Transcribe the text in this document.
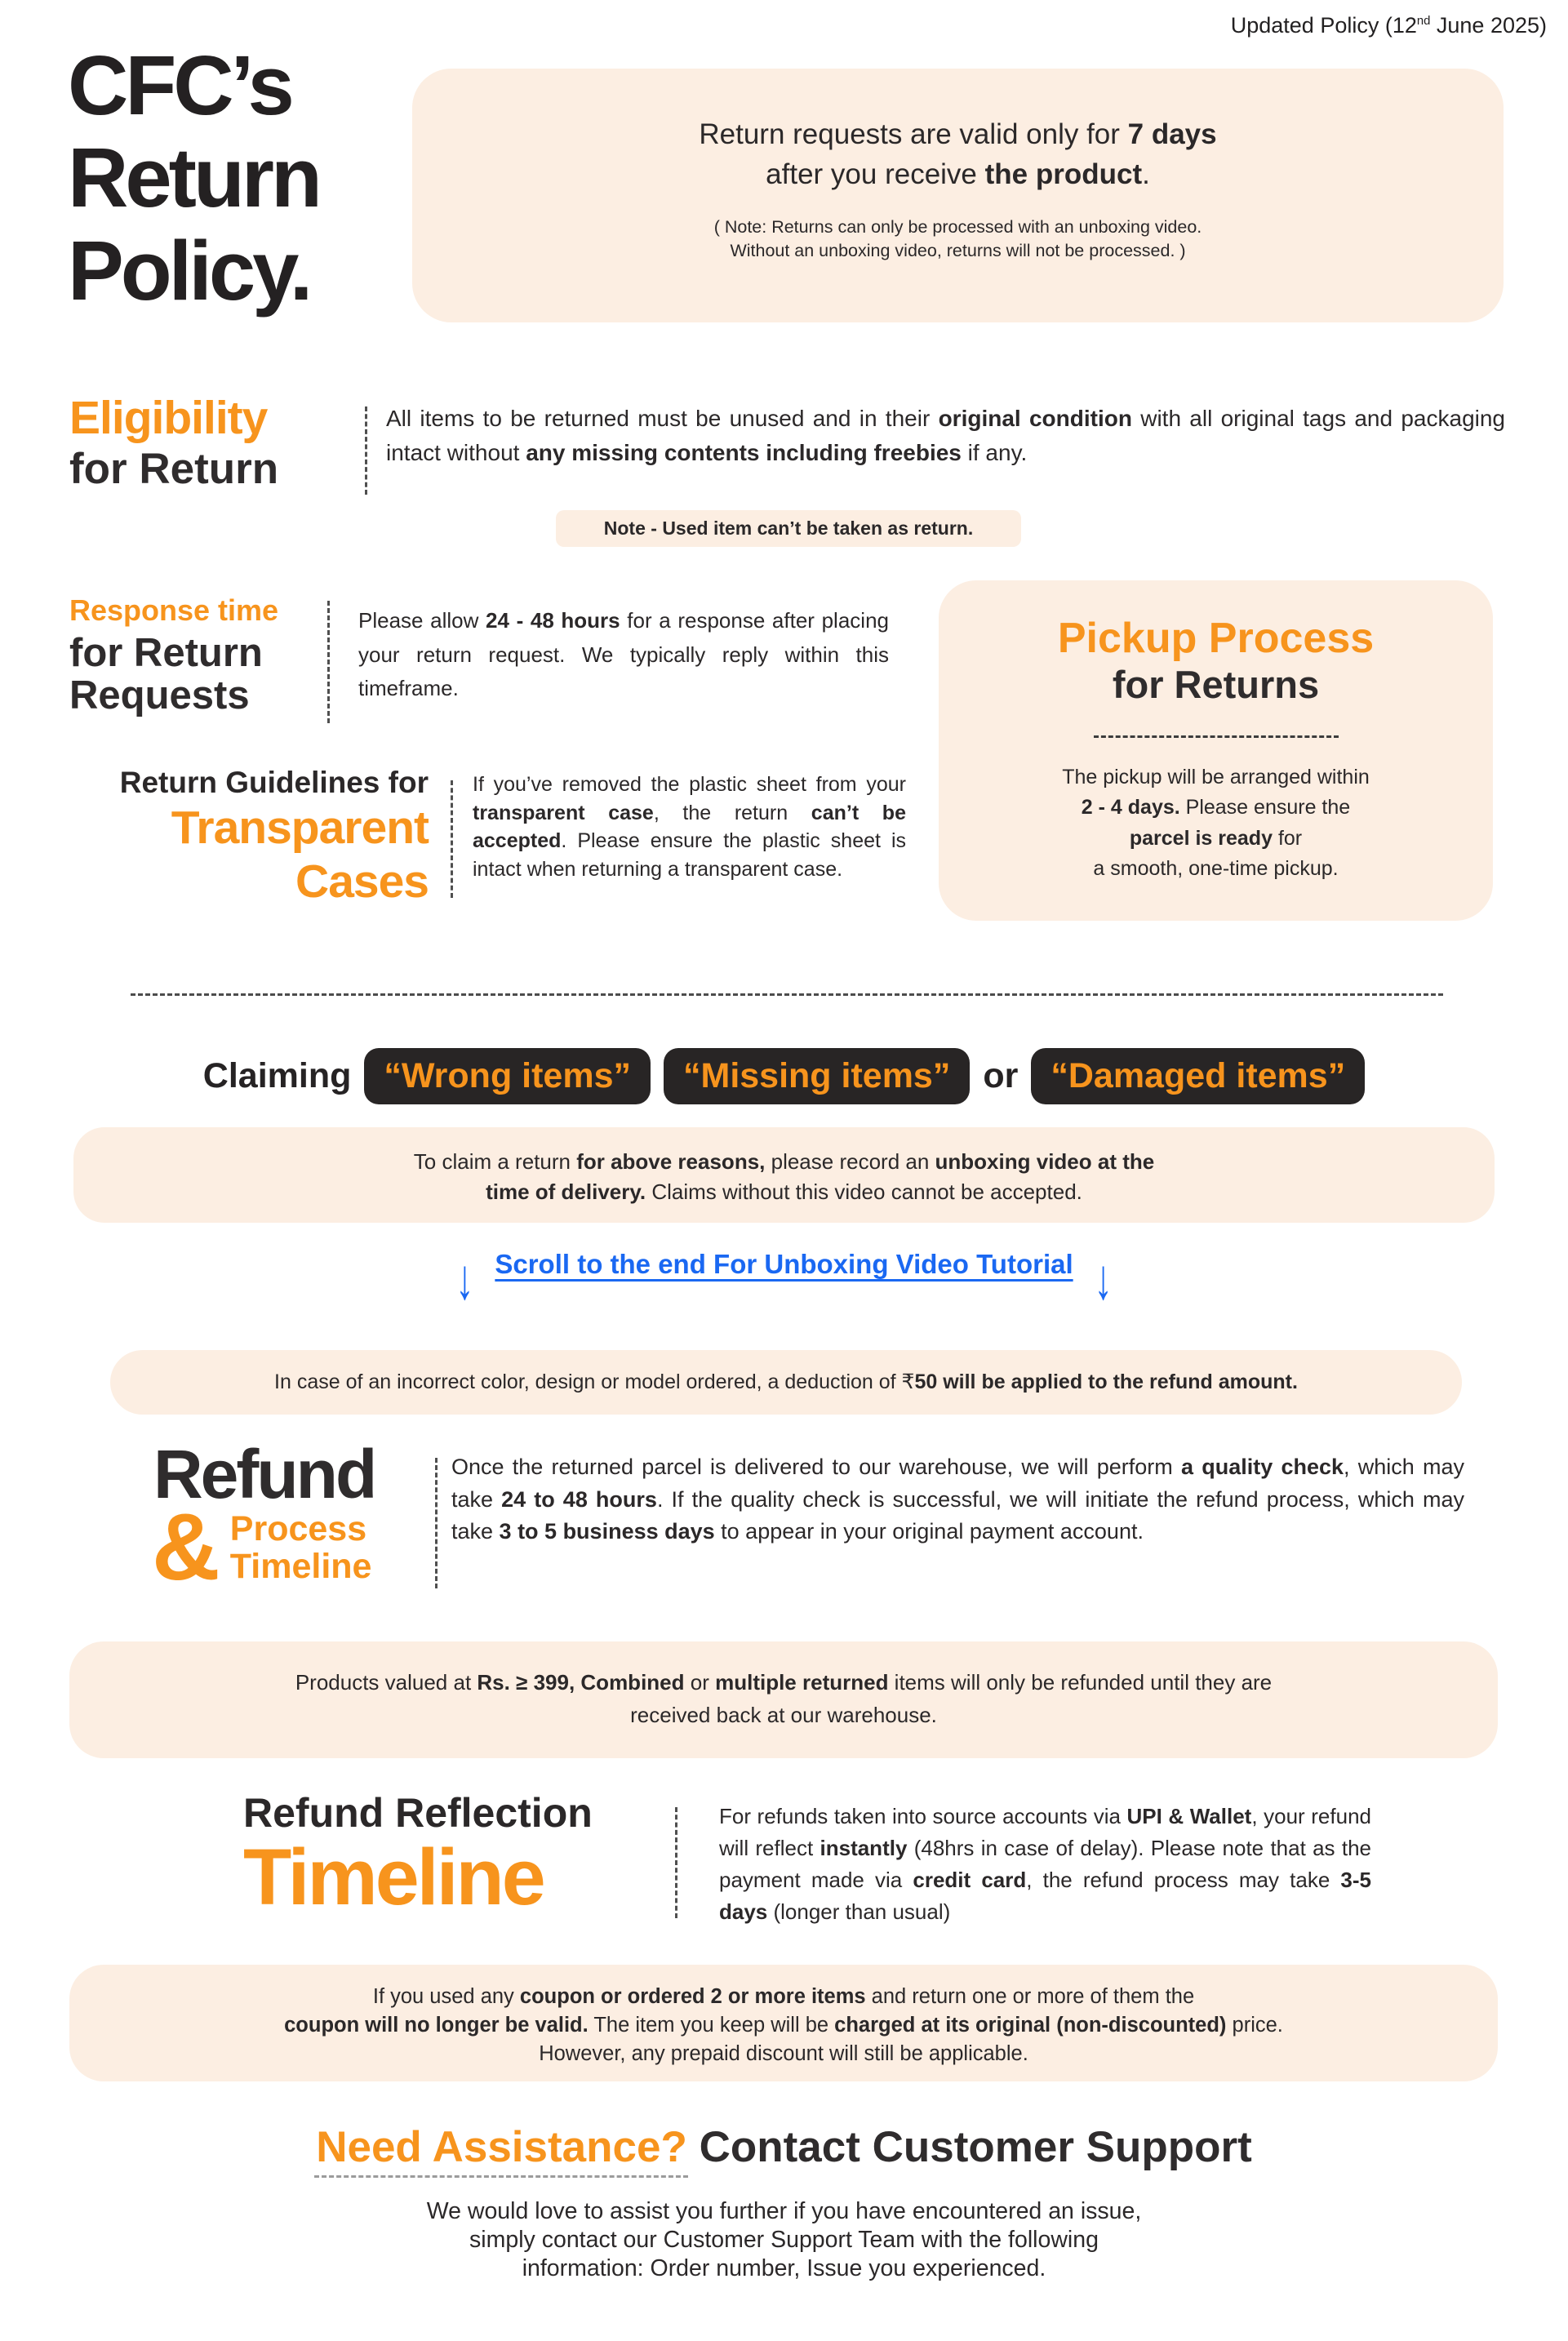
Updated Policy (12nd June 2025)
CFC’s
Return
Policy.
Return requests are valid only for 7 days
after you receive the product.
( Note: Returns can only be processed with an unboxing video.
Without an unboxing video, returns will not be processed. )
Eligibility
for Return
All items to be returned must be unused and in their original condition with all original tags and packaging intact without any missing contents including freebies if any.
Note - Used item can’t be taken as return.
Response time
for Return
Requests
Please allow 24 - 48 hours for a response after placing your return request. We typically reply within this timeframe.
Pickup Process
for Returns
The pickup will be arranged within
2 - 4 days. Please ensure the
parcel is ready for
a smooth, one-time pickup.
Return Guidelines for
Transparent
Cases
If you’ve removed the plastic sheet from your transparent case, the return can’t be accepted. Please ensure the plastic sheet is intact when returning a transparent case.
Claiming “Wrong items”	“Missing items” or “Damaged items”
To claim a return for above reasons, please record an unboxing video at the
time of delivery. Claims without this video cannot be accepted.
↓ Scroll to the end For Unboxing Video Tutorial ↓
In case of an incorrect color, design or model ordered, a deduction of ₹50 will be applied to the refund amount.
Refund
& Process
Timeline
Once the returned parcel is delivered to our warehouse, we will perform a quality check, which may take 24 to 48 hours. If the quality check is successful, we will initiate the refund process, which may take 3 to 5 business days to appear in your original payment account.
Products valued at Rs. ≥ 399, Combined or multiple returned items will only be refunded until they are
received back at our warehouse.
Refund Reflection
Timeline
For refunds taken into source accounts via UPI & Wallet, your refund will reflect instantly (48hrs in case of delay). Please note that as the payment made via credit card, the refund process may take 3-5 days (longer than usual)
If you used any coupon or ordered 2 or more items and return one or more of them the
coupon will no longer be valid. The item you keep will be charged at its original (non-discounted) price.
However, any prepaid discount will still be applicable.
Need Assistance? Contact Customer Support
We would love to assist you further if you have encountered an issue,
simply contact our Customer Support Team with the following
information: Order number, Issue you experienced.
